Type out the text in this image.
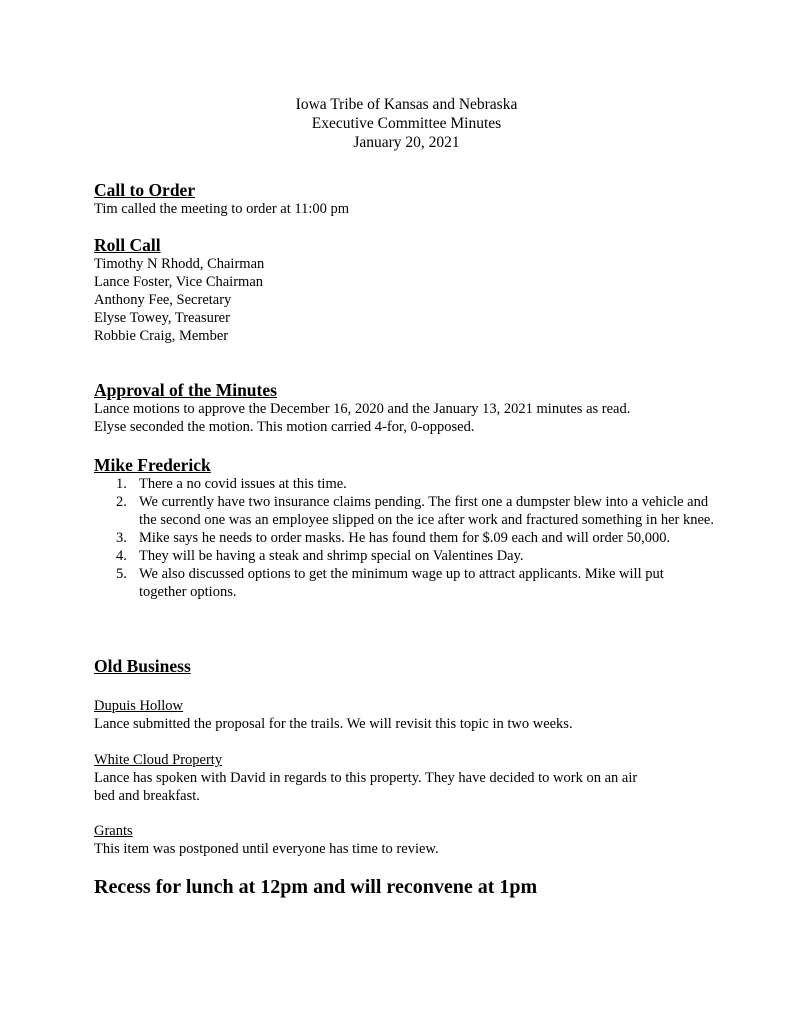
Iowa Tribe of Kansas and Nebraska
Executive Committee Minutes
January 20, 2021
Call to Order

Tim called the meeting to order at 11:00 pm

Roll Call

Timothy N Rhodd, Chairman

Lance Foster, Vice Chairman

Anthony Fee, Secretary

Elyse Towey, Treasurer

Robbie Craig, Member

Approval of the Minutes

Lance motions to approve the December 16, 2020 and the January 13, 2021 minutes as read.

Elyse seconded the motion. This motion carried 4-for, 0-opposed.

Mike Frederick
1. There a no covid issues at this time.
2. We currently have two insurance claims pending. The first one a dumpster blew into a vehicle and the second one was an employee slipped on the ice after work and fractured something in her knee.
3. Mike says he needs to order masks. He has found them for $.09 each and will order 50,000.
4. They will be having a steak and shrimp special on Valentines Day.
5. We also discussed options to get the minimum wage up to attract applicants. Mike will put together options.
Old Business

Dupuis Hollow

Lance submitted the proposal for the trails. We will revisit this topic in two weeks.

White Cloud Property

Lance has spoken with David in regards to this property. They have decided to work on an air

bed and breakfast.

Grants

This item was postponed until everyone has time to review.

Recess for lunch at 12pm and will reconvene at 1pm
